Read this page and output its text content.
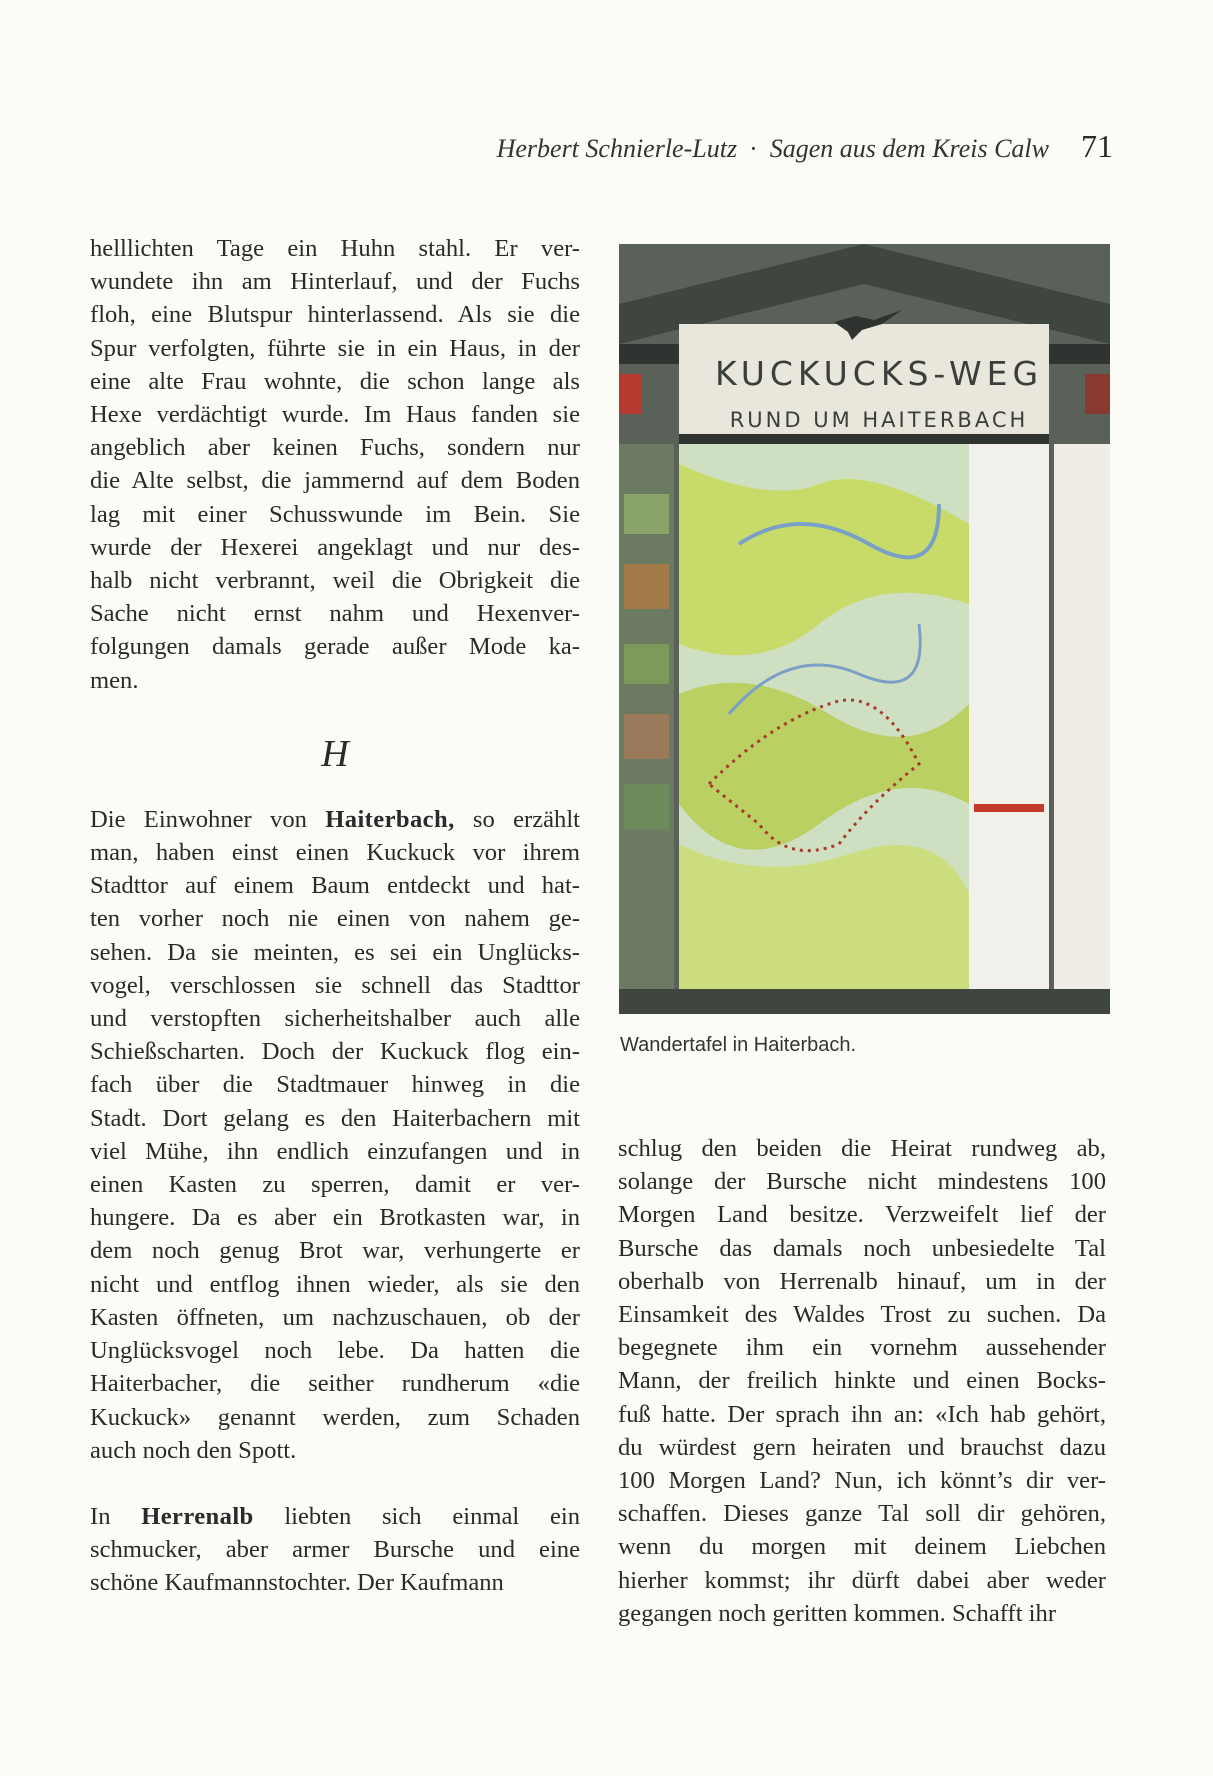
Herbert Schnierle-Lutz · Sagen aus dem Kreis Calw 71

helllichten Tage ein Huhn stahl. Er ver-
wundete ihn am Hinterlauf, und der Fuchs
floh, eine Blutspur hinterlassend. Als sie die
Spur verfolgten, führte sie in ein Haus, in der
eine alte Frau wohnte, die schon lange als
Hexe verdächtigt wurde. Im Haus fanden sie
angeblich aber keinen Fuchs, sondern nur
die Alte selbst, die jammernd auf dem Boden
lag mit einer Schusswunde im Bein. Sie
wurde der Hexerei angeklagt und nur des-
halb nicht verbrannt, weil die Obrigkeit die
Sache nicht ernst nahm und Hexenver-
folgungen damals gerade außer Mode ka-
men.

H

Die Einwohner von Haiterbach, so erzählt
man, haben einst einen Kuckuck vor ihrem
Stadttor auf einem Baum entdeckt und hat-
ten vorher noch nie einen von nahem ge-
sehen. Da sie meinten, es sei ein Unglücks-
vogel, verschlossen sie schnell das Stadttor
und verstopften sicherheitshalber auch alle
Schießscharten. Doch der Kuckuck flog ein-
fach über die Stadtmauer hinweg in die
Stadt. Dort gelang es den Haiterbachern mit
viel Mühe, ihn endlich einzufangen und in
einen Kasten zu sperren, damit er ver-
hungere. Da es aber ein Brotkasten war, in
dem noch genug Brot war, verhungerte er
nicht und entflog ihnen wieder, als sie den
Kasten öffneten, um nachzuschauen, ob der
Unglücksvogel noch lebe. Da hatten die
Haiterbacher, die seither rundherum «die
Kuckuck» genannt werden, zum Schaden
auch noch den Spott.

In Herrenalb liebten sich einmal ein
schmucker, aber armer Bursche und eine
schöne Kaufmannstochter. Der Kaufmann

KUCKUCKS-WEG
RUND UM HAITERBACH
Wandertafel in Haiterbach.

schlug den beiden die Heirat rundweg ab,
solange der Bursche nicht mindestens 100
Morgen Land besitze. Verzweifelt lief der
Bursche das damals noch unbesiedelte Tal
oberhalb von Herrenalb hinauf, um in der
Einsamkeit des Waldes Trost zu suchen. Da
begegnete ihm ein vornehm aussehender
Mann, der freilich hinkte und einen Bocks-
fuß hatte. Der sprach ihn an: «Ich hab gehört,
du würdest gern heiraten und brauchst dazu
100 Morgen Land? Nun, ich könnt’s dir ver-
schaffen. Dieses ganze Tal soll dir gehören,
wenn du morgen mit deinem Liebchen
hierher kommst; ihr dürft dabei aber weder
gegangen noch geritten kommen. Schafft ihr
